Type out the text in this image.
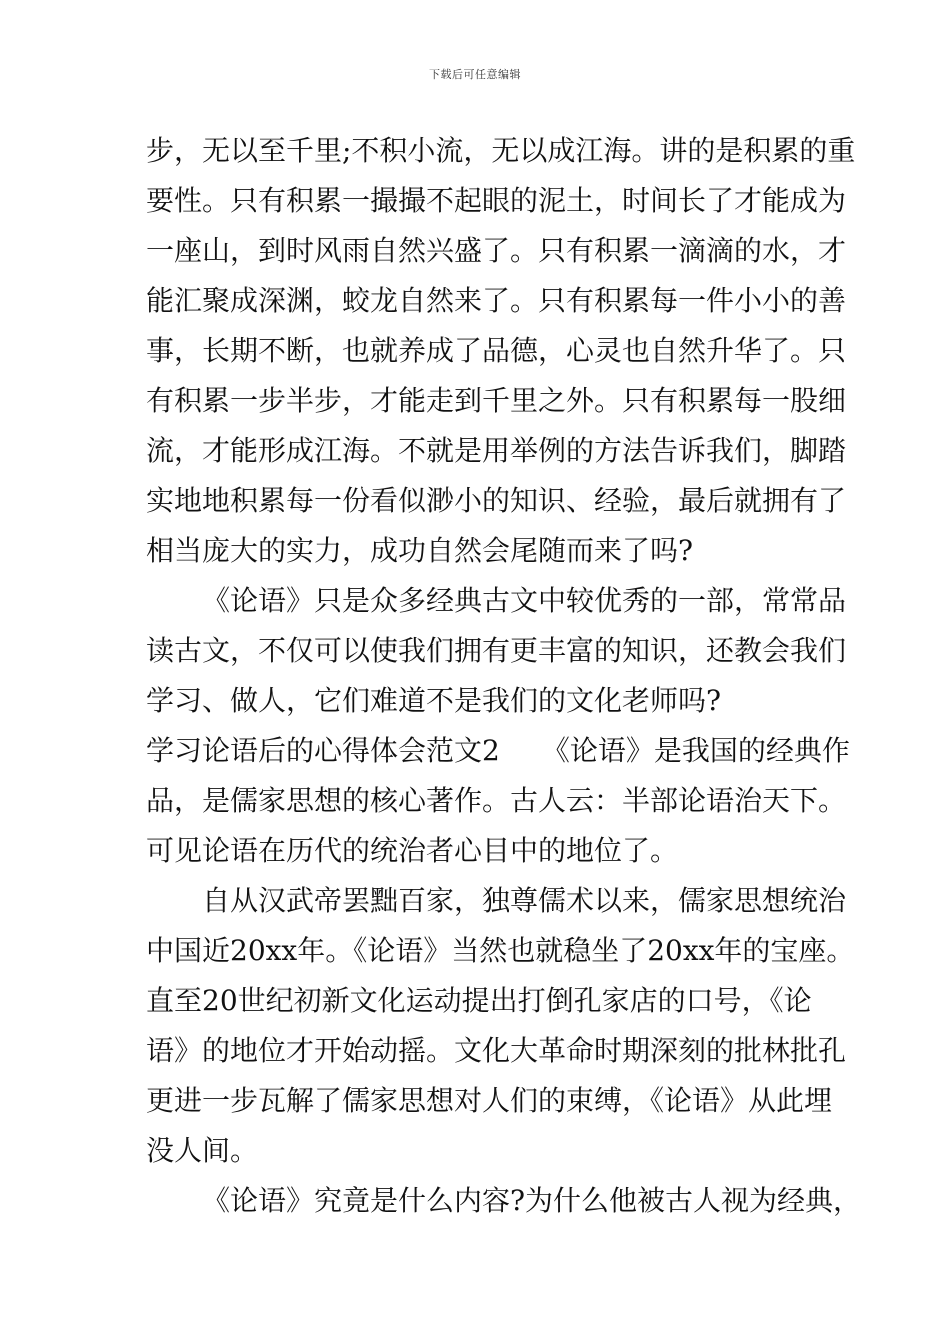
下载后可任意编辑
步，无以至千里;不积小流，无以成江海。讲的是积累的重
要性。只有积累一撮撮不起眼的泥土，时间长了才能成为
一座山，到时风雨自然兴盛了。只有积累一滴滴的水，才
能汇聚成深渊，蛟龙自然来了。只有积累每一件小小的善
事，长期不断，也就养成了品德，心灵也自然升华了。只
有积累一步半步，才能走到千里之外。只有积累每一股细
流，才能形成江海。不就是用举例的方法告诉我们，脚踏
实地地积累每一份看似渺小的知识、经验，最后就拥有了
相当庞大的实力，成功自然会尾随而来了吗?
《论语》只是众多经典古文中较优秀的一部，常常品
读古文，不仅可以使我们拥有更丰富的知识，还教会我们
学习、做人，它们难道不是我们的文化老师吗?
学习论语后的心得体会范文2　　《论语》是我国的经典作
品，是儒家思想的核心著作。古人云：半部论语治天下。
可见论语在历代的统治者心目中的地位了。
自从汉武帝罢黜百家，独尊儒术以来，儒家思想统治
中国近20xx年。《论语》当然也就稳坐了20xx年的宝座。
直至20世纪初新文化运动提出打倒孔家店的口号，《论
语》的地位才开始动摇。文化大革命时期深刻的批林批孔
更进一步瓦解了儒家思想对人们的束缚，《论语》从此埋
没人间。
《论语》究竟是什么内容?为什么他被古人视为经典，
